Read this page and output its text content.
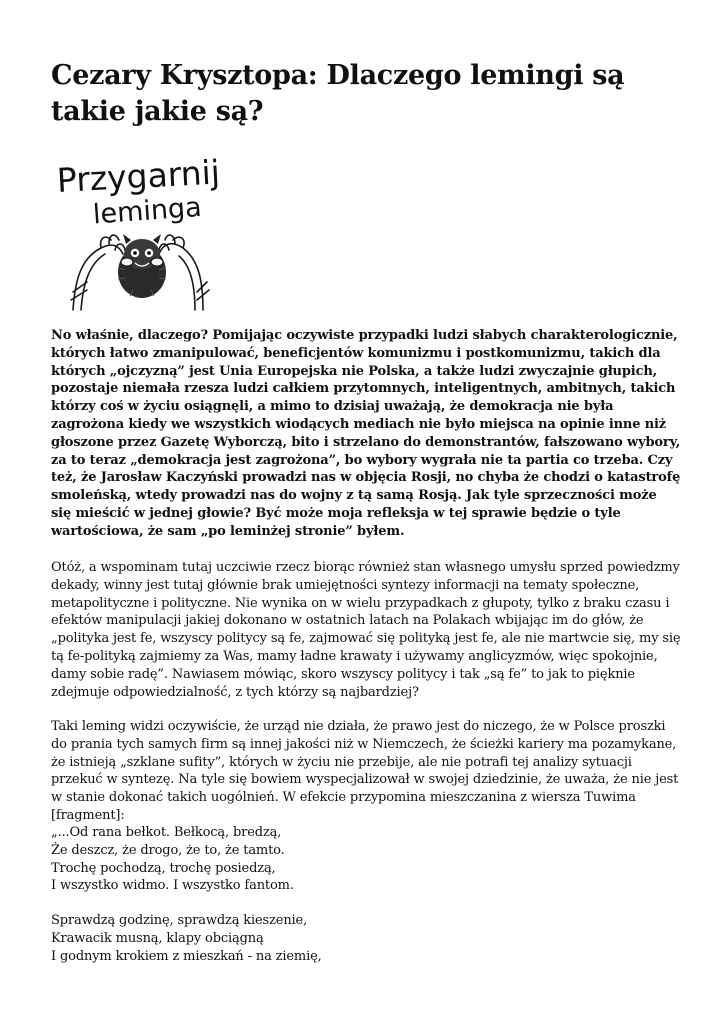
Cezary Krysztopa: Dlaczego lemingi są takie jakie są?
Przygarnij
leminga

No właśnie, dlaczego? Pomijając oczywiste przypadki ludzi słabych charakterologicznie, których łatwo zmanipulować, beneficjentów komunizmu i postkomunizmu, takich dla których „ojczyzną” jest Unia Europejska nie Polska, a także ludzi zwyczajnie głupich, pozostaje niemała rzesza ludzi całkiem przytomnych, inteligentnych, ambitnych, takich którzy coś w życiu osiągnęli, a mimo to dzisiaj uważają, że demokracja nie była zagrożona kiedy we wszystkich wiodących mediach nie było miejsca na opinie inne niż głoszone przez Gazetę Wyborczą, bito i strzelano do demonstrantów, fałszowano wybory, za to teraz „demokracja jest zagrożona”, bo wybory wygrała nie ta partia co trzeba. Czy też, że Jarosław Kaczyński prowadzi nas w objęcia Rosji, no chyba że chodzi o katastrofę smoleńską, wtedy prowadzi nas do wojny z tą samą Rosją. Jak tyle sprzeczności może się mieścić w jednej głowie? Być może moja refleksja w tej sprawie będzie o tyle wartościowa, że sam „po leminżej stronie” byłem.

Otóż, a wspominam tutaj uczciwie rzecz biorąc również stan własnego umysłu sprzed powiedzmy dekady, winny jest tutaj głównie brak umiejętności syntezy informacji na tematy społeczne, metapolityczne i polityczne. Nie wynika on w wielu przypadkach z głupoty, tylko z braku czasu i efektów manipulacji jakiej dokonano w ostatnich latach na Polakach wbijając im do głów, że „polityka jest fe, wszyscy politycy są fe, zajmować się polityką jest fe, ale nie martwcie się, my się tą fe-polityką zajmiemy za Was, mamy ładne krawaty i używamy anglicyzmów, więc spokojnie, damy sobie radę”. Nawiasem mówiąc, skoro wszyscy politycy i tak „są fe” to jak to pięknie zdejmuje odpowiedzialność, z tych którzy są najbardziej?

Taki leming widzi oczywiście, że urząd nie działa, że prawo jest do niczego, że w Polsce proszki do prania tych samych firm są innej jakości niż w Niemczech, że ścieżki kariery ma pozamykane, że istnieją „szklane sufity”, których w życiu nie przebije, ale nie potrafi tej analizy sytuacji przekuć w syntezę. Na tyle się bowiem wyspecjalizował w swojej dziedzinie, że uważa, że nie jest w stanie dokonać takich uogólnień. W efekcie przypomina mieszczanina z wiersza Tuwima [fragment]:

„...Od rana bełkot. Bełkocą, bredzą,
Że deszcz, że drogo, że to, że tamto.
Trochę pochodzą, trochę posiedzą,
I wszystko widmo. I wszystko fantom.
Sprawdzą godzinę, sprawdzą kieszenie,
Krawacik musną, klapy obciągną
I godnym krokiem z mieszkań - na ziemię,
